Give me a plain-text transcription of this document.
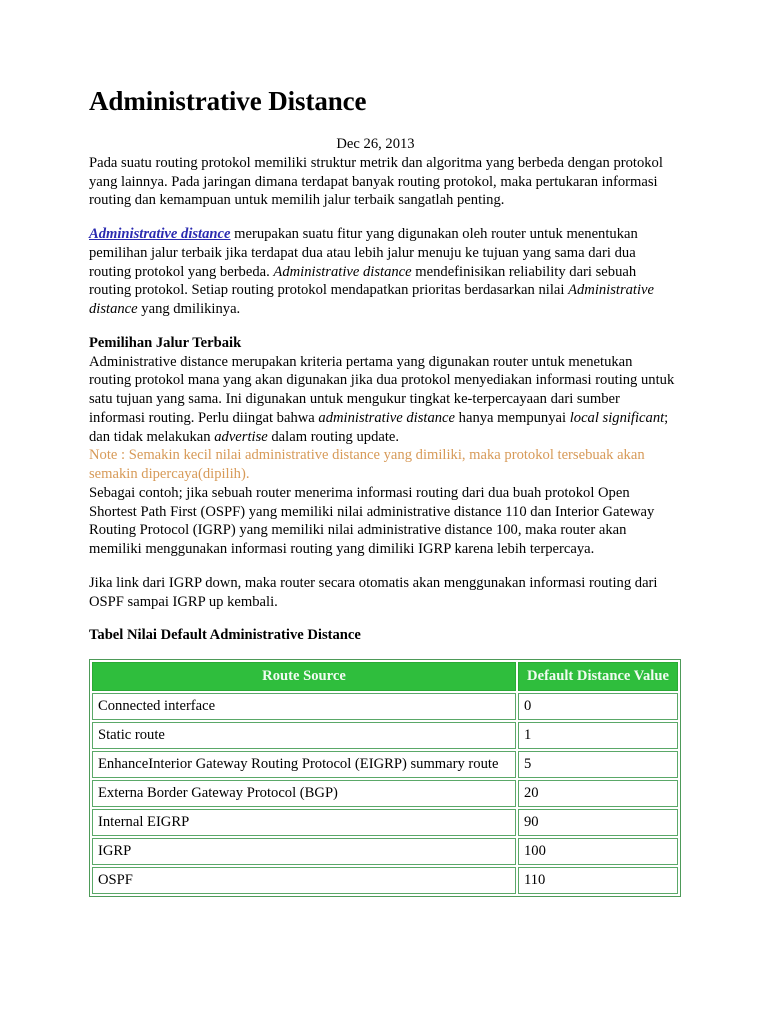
Administrative Distance
Dec 26, 2013

Pada suatu routing protokol memiliki struktur metrik dan algoritma yang berbeda dengan protokol yang lainnya. Pada jaringan dimana terdapat banyak routing protokol, maka pertukaran informasi routing dan kemampuan untuk memilih jalur terbaik sangatlah penting.

Administrative distance merupakan suatu fitur yang digunakan oleh router untuk menentukan pemilihan jalur terbaik jika terdapat dua atau lebih jalur menuju ke tujuan yang sama dari dua routing protokol yang berbeda. Administrative distance mendefinisikan reliability dari sebuah routing protokol. Setiap routing protokol mendapatkan prioritas berdasarkan nilai Administrative distance yang dmilikinya.

Pemilihan Jalur Terbaik

Administrative distance merupakan kriteria pertama yang digunakan router untuk menetukan routing protokol mana yang akan digunakan jika dua protokol menyediakan informasi routing untuk satu tujuan yang sama. Ini digunakan untuk mengukur tingkat ke-terpercayaan dari sumber informasi routing. Perlu diingat bahwa administrative distance hanya mempunyai local significant; dan tidak melakukan advertise dalam routing update.

Note : Semakin kecil nilai administrative distance yang dimiliki, maka protokol tersebuak akan semakin dipercaya(dipilih).

Sebagai contoh; jika sebuah router menerima informasi routing dari dua buah protokol Open Shortest Path First (OSPF) yang memiliki nilai administrative distance 110 dan Interior Gateway Routing Protocol (IGRP) yang memiliki nilai administrative distance 100, maka router akan memiliki menggunakan informasi routing yang dimiliki IGRP karena lebih terpercaya.

Jika link dari IGRP down, maka router secara otomatis akan menggunakan informasi routing dari OSPF sampai IGRP up kembali.

Tabel Nilai Default Administrative Distance
Route Source	Default Distance Value
Connected interface	0
Static route	1
EnhanceInterior Gateway Routing Protocol (EIGRP) summary route	5
Externa Border Gateway Protocol (BGP)	20
Internal EIGRP	90
IGRP	100
OSPF	110
